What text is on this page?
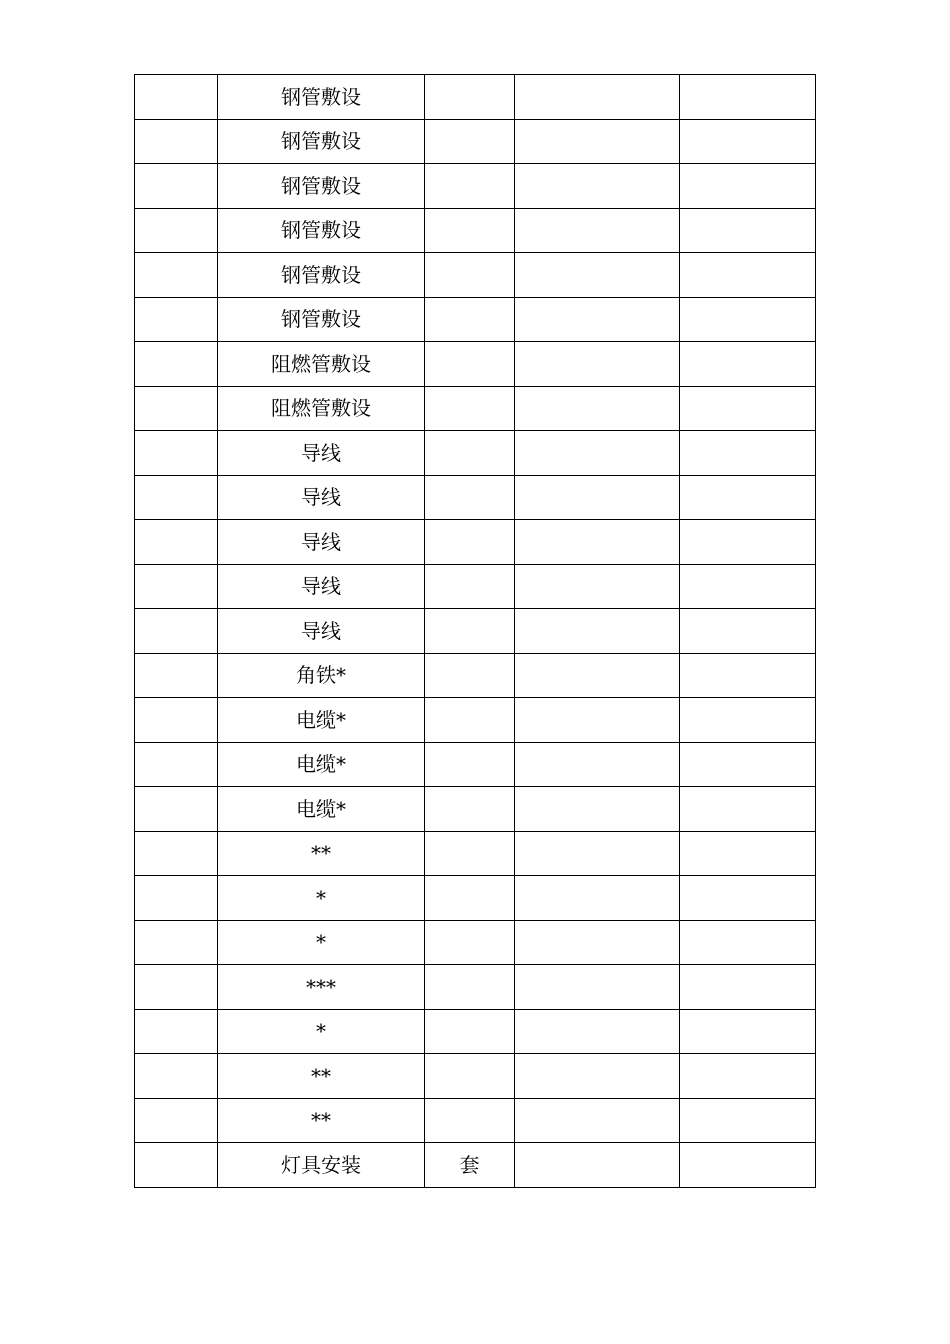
	钢管敷设			
	钢管敷设			
	钢管敷设			
	钢管敷设			
	钢管敷设			
	钢管敷设			
	阻燃管敷设			
	阻燃管敷设			
	导线			
	导线			
	导线			
	导线			
	导线			
	角铁*			
	电缆*			
	电缆*			
	电缆*			
	**			
	*			
	*			
	***			
	*			
	**			
	**			
	灯具安装	套		
